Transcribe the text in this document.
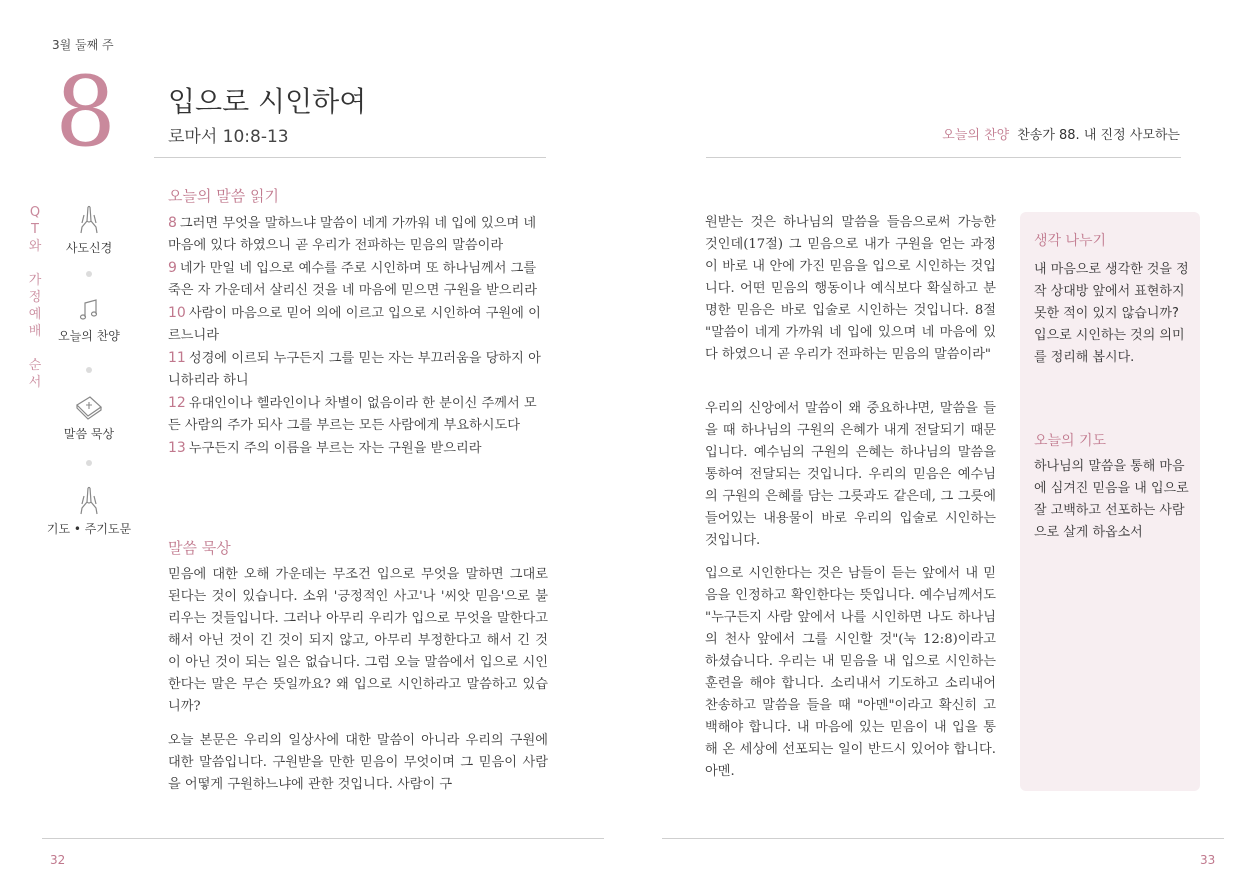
3월 둘째 주
8 입으로 시인하여
로마서 10:8-13	오늘의 찬양 찬송가 88. 내 진정 사모하는
Q
T
와
가
정
예
배
순
서
사도신경
오늘의 찬양
말씀 묵상
기도 • 주기도문
오늘의 말씀 읽기

8 그러면 무엇을 말하느냐 말씀이 네게 가까워 네 입에 있으며 네 마음에 있다 하였으니 곧 우리가 전파하는 믿음의 말씀이라

9 네가 만일 네 입으로 예수를 주로 시인하며 또 하나님께서 그를 죽은 자 가운데서 살리신 것을 네 마음에 믿으면 구원을 받으리라

10 사람이 마음으로 믿어 의에 이르고 입으로 시인하여 구원에 이르느니라

11 성경에 이르되 누구든지 그를 믿는 자는 부끄러움을 당하지 아니하리라 하니

12 유대인이나 헬라인이나 차별이 없음이라 한 분이신 주께서 모든 사람의 주가 되사 그를 부르는 모든 사람에게 부요하시도다

13 누구든지 주의 이름을 부르는 자는 구원을 받으리라

말씀 묵상
믿음에 대한 오해 가운데는 무조건 입으로 무엇을 말하면 그대로 된다는 것이 있습니다. 소위 '긍정적인 사고'나 '씨앗 믿음'으로 불리우는 것들입니다. 그러나 아무리 우리가 입으로 무엇을 말한다고 해서 아닌 것이 긴 것이 되지 않고, 아무리 부정한다고 해서 긴 것이 아닌 것이 되는 일은 없습니다. 그럼 오늘 말씀에서 입으로 시인한다는 말은 무슨 뜻일까요? 왜 입으로 시인하라고 말씀하고 있습니까?
오늘 본문은 우리의 일상사에 대한 말씀이 아니라 우리의 구원에 대한 말씀입니다. 구원받을 만한 믿음이 무엇이며 그 믿음이 사람을 어떻게 구원하느냐에 관한 것입니다. 사람이 구
원받는 것은 하나님의 말씀을 들음으로써 가능한 것인데(17절) 그 믿음으로 내가 구원을 얻는 과정이 바로 내 안에 가진 믿음을 입으로 시인하는 것입니다. 어떤 믿음의 행동이나 예식보다 확실하고 분명한 믿음은 바로 입술로 시인하는 것입니다. 8절 "말씀이 네게 가까워 네 입에 있으며 네 마음에 있다 하였으니 곧 우리가 전파하는 믿음의 말씀이라"
우리의 신앙에서 말씀이 왜 중요하냐면, 말씀을 들을 때 하나님의 구원의 은혜가 내게 전달되기 때문입니다. 예수님의 구원의 은혜는 하나님의 말씀을 통하여 전달되는 것입니다. 우리의 믿음은 예수님의 구원의 은혜를 담는 그릇과도 같은데, 그 그릇에 들어있는 내용물이 바로 우리의 입술로 시인하는 것입니다.
입으로 시인한다는 것은 남들이 듣는 앞에서 내 믿음을 인정하고 확인한다는 뜻입니다. 예수님께서도 "누구든지 사람 앞에서 나를 시인하면 나도 하나님의 천사 앞에서 그를 시인할 것"(눅 12:8)이라고 하셨습니다. 우리는 내 믿음을 내 입으로 시인하는 훈련을 해야 합니다. 소리내서 기도하고 소리내어 찬송하고 말씀을 들을 때 "아멘"이라고 확신히 고백해야 합니다. 내 마음에 있는 믿음이 내 입을 통해 온 세상에 선포되는 일이 반드시 있어야 합니다. 아멘.
생각 나누기
내 마음으로 생각한 것을 정작 상대방 앞에서 표현하지 못한 적이 있지 않습니까? 입으로 시인하는 것의 의미를 정리해 봅시다.
오늘의 기도
하나님의 말씀을 통해 마음에 심겨진 믿음을 내 입으로 잘 고백하고 선포하는 사람으로 살게 하옵소서
32	33
